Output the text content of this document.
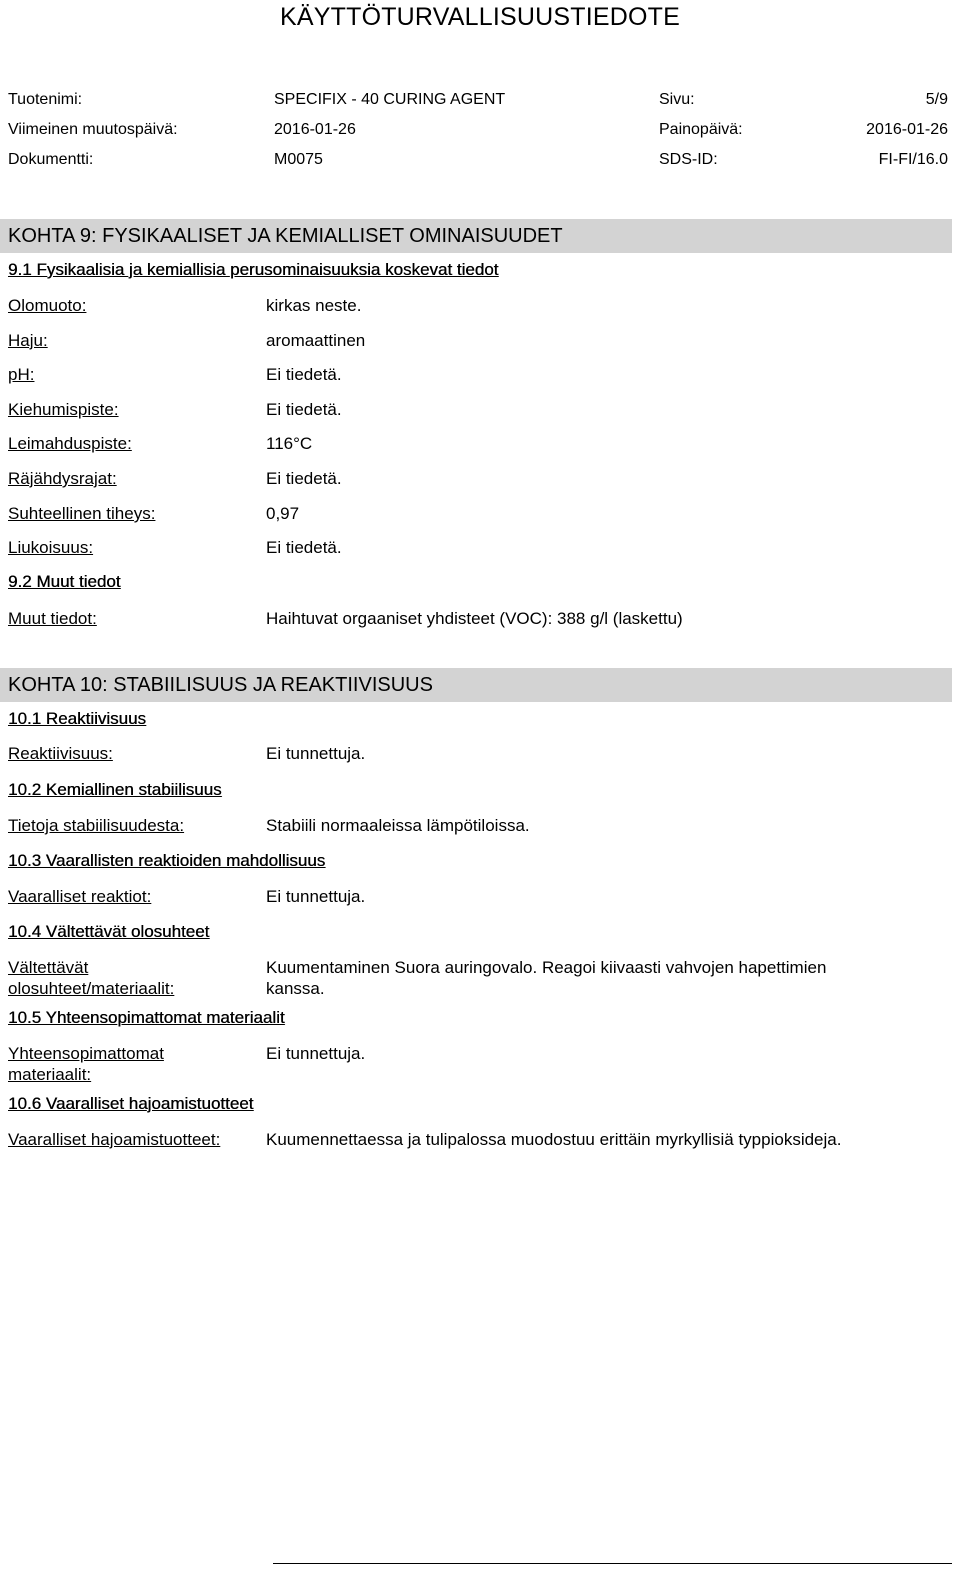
KÄYTTÖTURVALLISUUSTIEDOTE
Tuotenimi:	SPECIFIX - 40 CURING AGENT	Sivu:	5/9
Viimeinen muutospäivä:	2016-01-26	Painopäivä:	2016-01-26
Dokumentti:	M0075	SDS-ID:	FI-FI/16.0
KOHTA 9: FYSIKAALISET JA KEMIALLISET OMINAISUUDET
9.1 Fysikaalisia ja kemiallisia perusominaisuuksia koskevat tiedot
Olomuoto:	kirkas neste.
Haju:	aromaattinen
pH:	Ei tiedetä.
Kiehumispiste:	Ei tiedetä.
Leimahduspiste:	116°C
Räjähdysrajat:	Ei tiedetä.
Suhteellinen tiheys:	0,97
Liukoisuus:	Ei tiedetä.
9.2 Muut tiedot
Muut tiedot:	Haihtuvat orgaaniset yhdisteet (VOC): 388 g/l (laskettu)
KOHTA 10: STABIILISUUS JA REAKTIIVISUUS
10.1 Reaktiivisuus
Reaktiivisuus:	Ei tunnettuja.
10.2 Kemiallinen stabiilisuus
Tietoja stabiilisuudesta:	Stabiili normaaleissa lämpötiloissa.
10.3 Vaarallisten reaktioiden mahdollisuus
Vaaralliset reaktiot:	Ei tunnettuja.
10.4 Vältettävät olosuhteet
Vältettävät
olosuhteet/materiaalit:
Kuumentaminen Suora auringovalo. Reagoi kiivaasti vahvojen hapettimien
kanssa.
10.5 Yhteensopimattomat materiaalit
Yhteensopimattomat
materiaalit:
Ei tunnettuja.
10.6 Vaaralliset hajoamistuotteet
Vaaralliset hajoamistuotteet:	Kuumennettaessa ja tulipalossa muodostuu erittäin myrkyllisiä typpioksideja.
